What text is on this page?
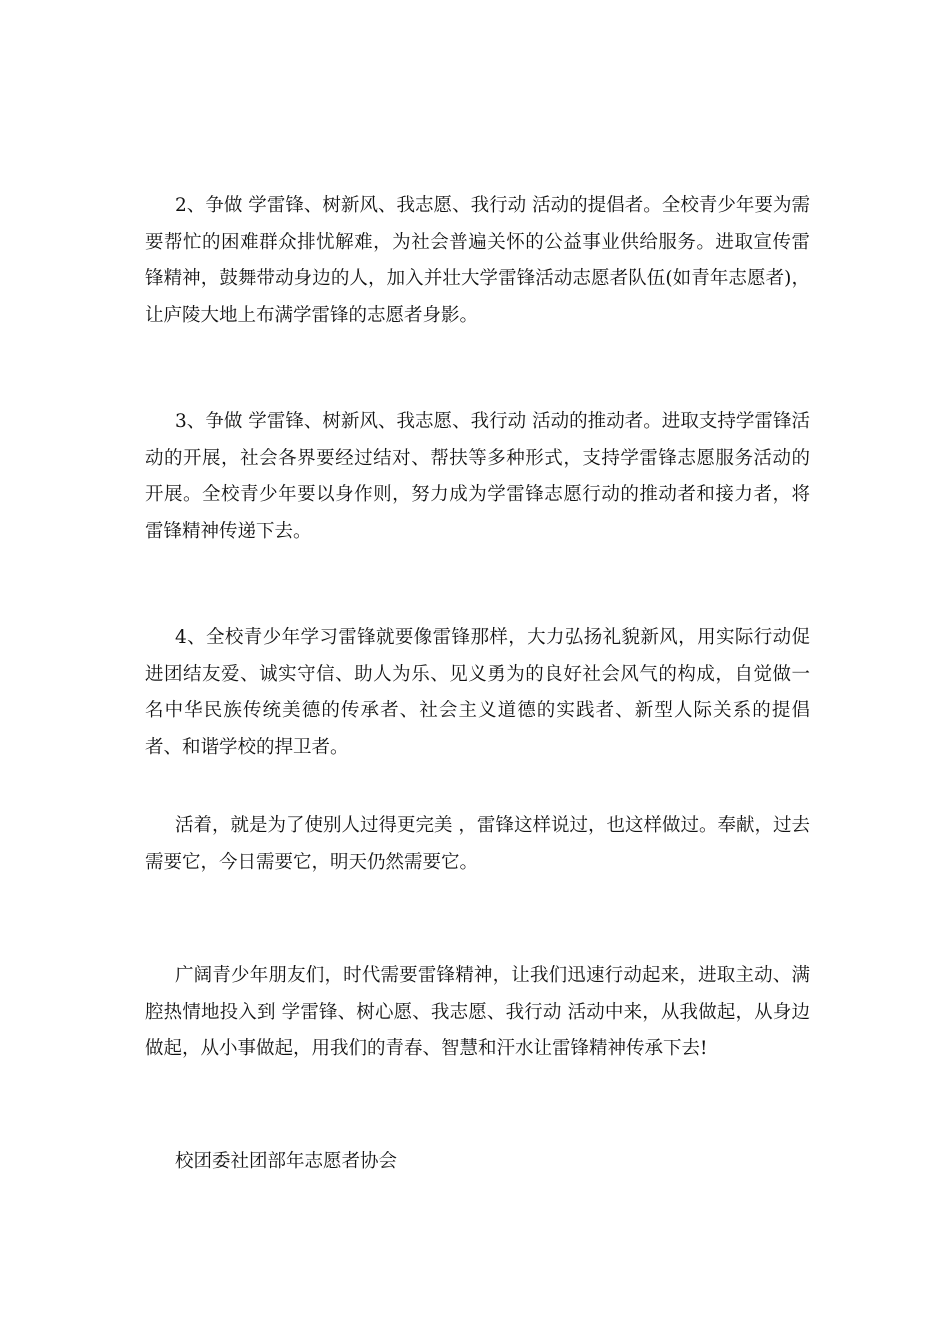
2、争做 学雷锋、树新风、我志愿、我行动 活动的提倡者。全校青少年要为需要帮忙的困难群众排忧解难，为社会普遍关怀的公益事业供给服务。进取宣传雷锋精神，鼓舞带动身边的人，加入并壮大学雷锋活动志愿者队伍(如青年志愿者)，让庐陵大地上布满学雷锋的志愿者身影。

3、争做 学雷锋、树新风、我志愿、我行动 活动的推动者。进取支持学雷锋活动的开展，社会各界要经过结对、帮扶等多种形式，支持学雷锋志愿服务活动的开展。全校青少年要以身作则，努力成为学雷锋志愿行动的推动者和接力者，将雷锋精神传递下去。

4、全校青少年学习雷锋就要像雷锋那样，大力弘扬礼貌新风，用实际行动促进团结友爱、诚实守信、助人为乐、见义勇为的良好社会风气的构成，自觉做一名中华民族传统美德的传承者、社会主义道德的实践者、新型人际关系的提倡者、和谐学校的捍卫者。

活着，就是为了使别人过得更完美 ，雷锋这样说过，也这样做过。奉献，过去需要它，今日需要它，明天仍然需要它。

广阔青少年朋友们，时代需要雷锋精神，让我们迅速行动起来，进取主动、满腔热情地投入到 学雷锋、树心愿、我志愿、我行动 活动中来，从我做起，从身边做起，从小事做起，用我们的青春、智慧和汗水让雷锋精神传承下去!

校团委社团部年志愿者协会
